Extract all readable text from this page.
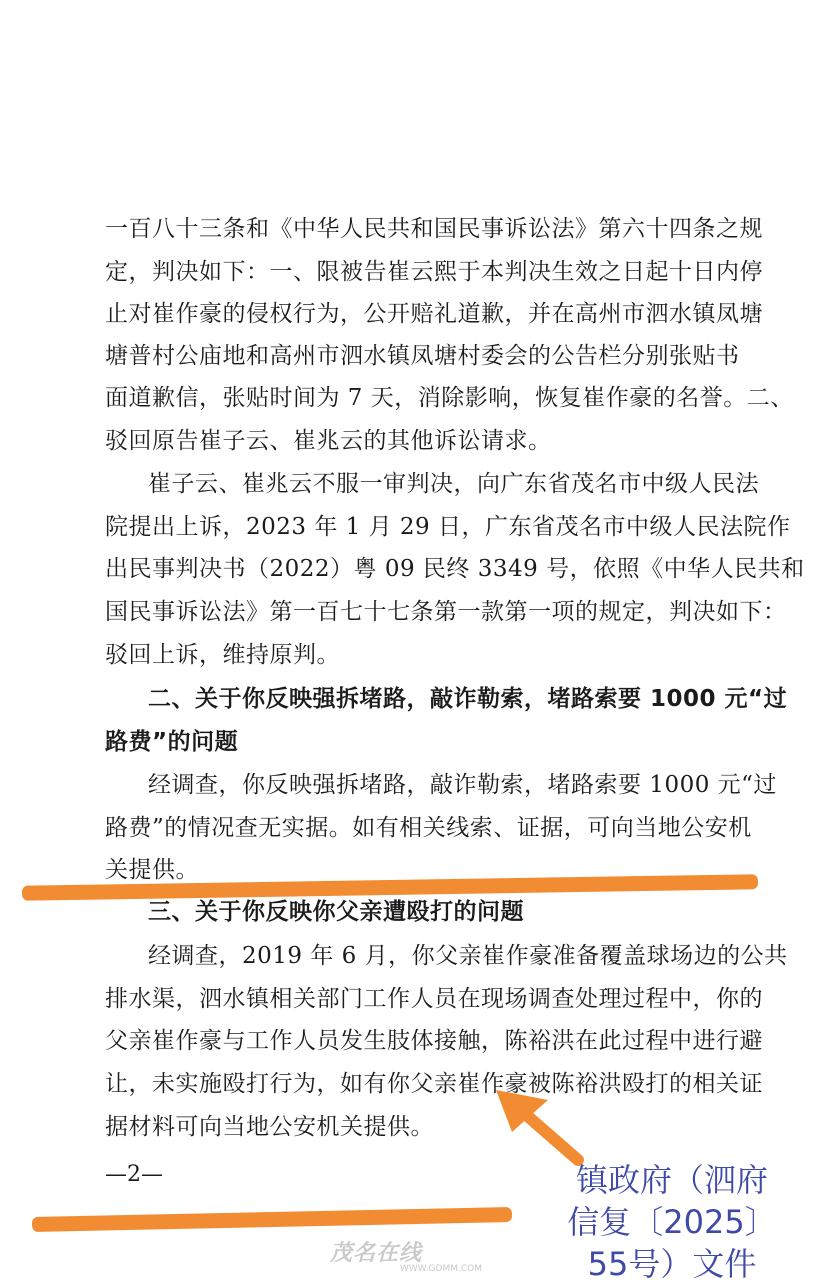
一百八十三条和《中华人民共和国民事诉讼法》第六十四条之规
定，判决如下：一、限被告崔云熙于本判决生效之日起十日内停
止对崔作豪的侵权行为，公开赔礼道歉，并在高州市泗水镇凤塘
塘普村公庙地和高州市泗水镇凤塘村委会的公告栏分别张贴书
面道歉信，张贴时间为 7 天，消除影响，恢复崔作豪的名誉。二、
驳回原告崔子云、崔兆云的其他诉讼请求。
崔子云、崔兆云不服一审判决，向广东省茂名市中级人民法
院提出上诉，2023 年 1 月 29 日，广东省茂名市中级人民法院作
出民事判决书（2022）粤 09 民终 3349 号，依照《中华人民共和
国民事诉讼法》第一百七十七条第一款第一项的规定，判决如下：
驳回上诉，维持原判。
二、关于你反映强拆堵路，敲诈勒索，堵路索要 1000 元“过
路费”的问题
经调查，你反映强拆堵路，敲诈勒索，堵路索要 1000 元“过
路费”的情况查无实据。如有相关线索、证据，可向当地公安机
关提供。
三、关于你反映你父亲遭殴打的问题
经调查，2019 年 6 月，你父亲崔作豪准备覆盖球场边的公共
排水渠，泗水镇相关部门工作人员在现场调查处理过程中，你的
父亲崔作豪与工作人员发生肢体接触，陈裕洪在此过程中进行避
让，未实施殴打行为，如有你父亲崔作豪被陈裕洪殴打的相关证
据材料可向当地公安机关提供。
—2—	镇政府（泗府
信复〔2025〕
55号）文件
茂名在线
WWW.GDMM.COM
